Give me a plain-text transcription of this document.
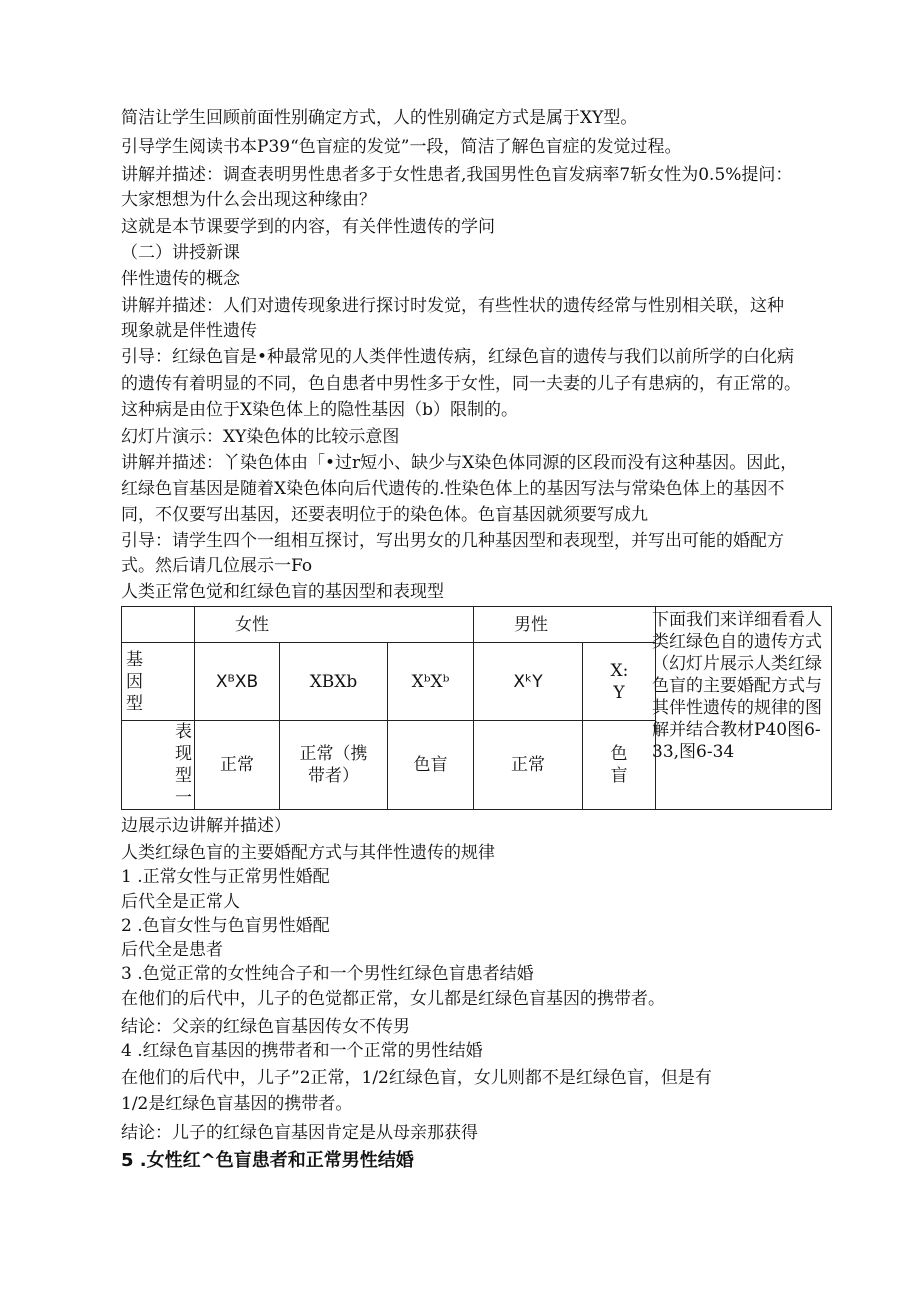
简洁让学生回顾前面性别确定方式，人的性别确定方式是属于XY型。
引导学生阅读书本P39“色盲症的发觉”一段，简洁了解色盲症的发觉过程。
讲解并描述：调查表明男性患者多于女性患者,我国男性色盲发病率7斩女性为0.5%提问：
大家想想为什么会出现这种缘由？
这就是本节课要学到的内容，有关伴性遗传的学问
（二）讲授新课
伴性遗传的概念
讲解并描述：人们对遗传现象进行探讨时发觉，有些性状的遗传经常与性别相关联，这种
现象就是伴性遗传
引导：红绿色盲是•种最常见的人类伴性遗传病，红绿色盲的遗传与我们以前所学的白化病
的遗传有着明显的不同，色自患者中男性多于女性，同一夫妻的儿子有患病的，有正常的。
这种病是由位于X染色体上的隐性基因（b）限制的。
幻灯片演示：XY染色体的比较示意图
讲解并描述：丫染色体由「•过r短小、缺少与X染色体同源的区段而没有这种基因。因此，
红绿色盲基因是随着X染色体向后代遗传的.性染色体上的基因写法与常染色体上的基因不
同，不仅要写出基因，还要表明位于的染色体。色盲基因就须要写成九
引导：请学生四个一组相互探讨，写出男女的几种基因型和表现型，并写出可能的婚配方
式。然后请几位展示一Fo
人类正常色觉和红绿色盲的基因型和表现型
	女性			男性		

基因型	XᴮXB	XBXb	XᵇXᵇ	XᵏY	X:Y	

表现型一	正常	正常（携带者）	色盲	正常	色盲	
下面我们来详细看看人类红绿色自的遗传方式（幻灯片展示人类红绿色盲的主要婚配方式与其伴性遗传的规律的图解并结合教材P40图6-33,图6-34
边展示边讲解并描述）
人类红绿色盲的主要婚配方式与其伴性遗传的规律
1 .正常女性与正常男性婚配
后代全是正常人
2 .色盲女性与色盲男性婚配
后代全是患者
3 .色觉正常的女性纯合子和一个男性红绿色盲患者结婚
在他们的后代中，儿子的色觉都正常，女儿都是红绿色盲基因的携带者。
结论：父亲的红绿色盲基因传女不传男
4 .红绿色盲基因的携带者和一个正常的男性结婚
在他们的后代中，儿子”2正常，1/2红绿色盲，女儿则都不是红绿色盲，但是有
1/2是红绿色盲基因的携带者。
结论：儿子的红绿色盲基因肯定是从母亲那获得
5 .女性红^色盲患者和正常男性结婚
